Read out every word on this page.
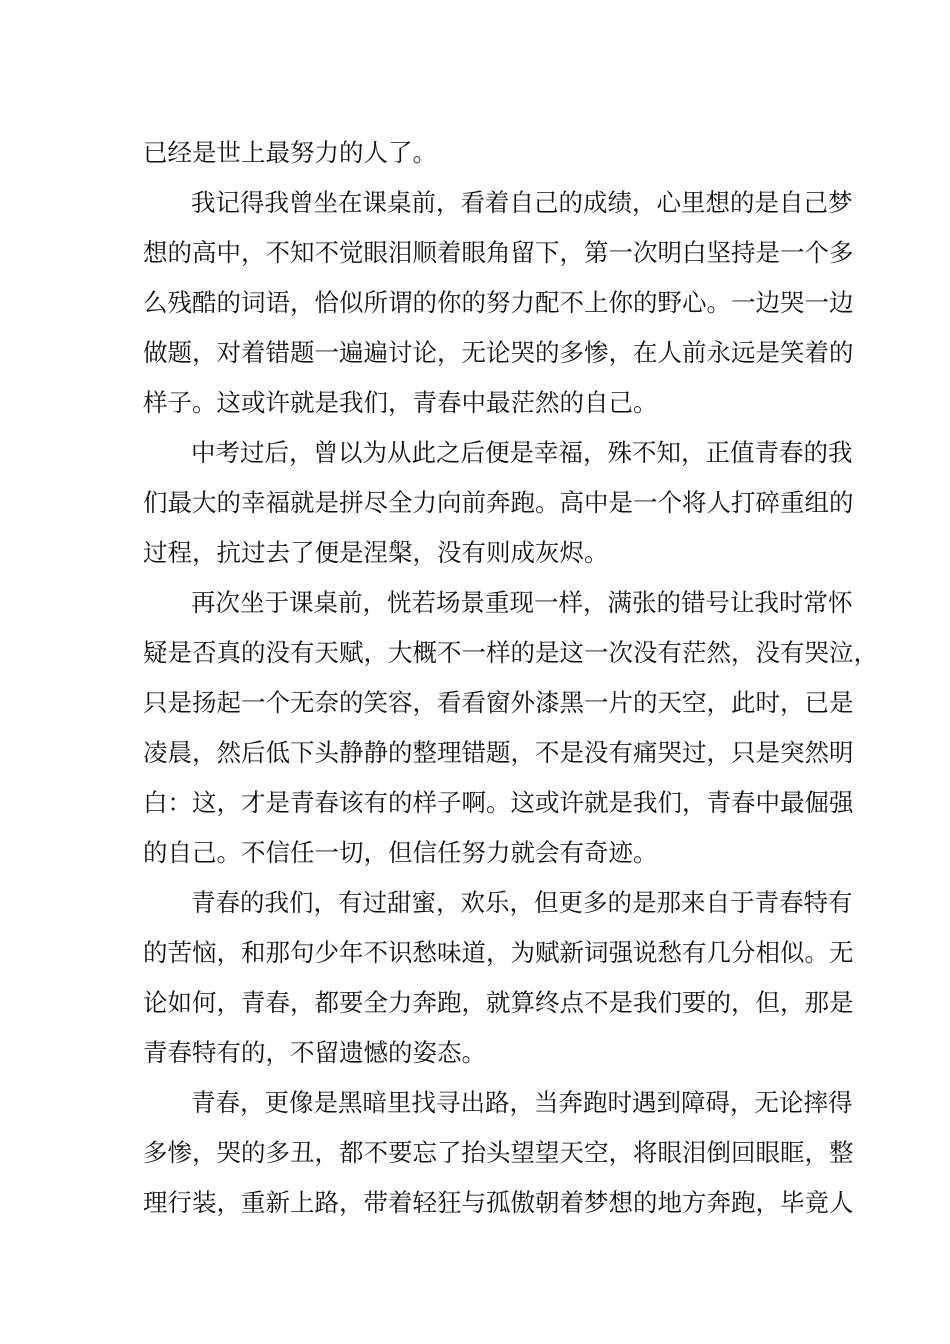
已经是世上最努力的人了。
我记得我曾坐在课桌前，看着自己的成绩，心里想的是自己梦
想的高中，不知不觉眼泪顺着眼角留下，第一次明白坚持是一个多
么残酷的词语，恰似所谓的你的努力配不上你的野心。一边哭一边
做题，对着错题一遍遍讨论，无论哭的多惨，在人前永远是笑着的
样子。这或许就是我们，青春中最茫然的自己。
中考过后，曾以为从此之后便是幸福，殊不知，正值青春的我
们最大的幸福就是拼尽全力向前奔跑。高中是一个将人打碎重组的
过程，抗过去了便是涅槃，没有则成灰烬。
再次坐于课桌前，恍若场景重现一样，满张的错号让我时常怀
疑是否真的没有天赋，大概不一样的是这一次没有茫然，没有哭泣，
只是扬起一个无奈的笑容，看看窗外漆黑一片的天空，此时，已是
凌晨，然后低下头静静的整理错题，不是没有痛哭过，只是突然明
白：这，才是青春该有的样子啊。这或许就是我们，青春中最倔强
的自己。不信任一切，但信任努力就会有奇迹。
青春的我们，有过甜蜜，欢乐，但更多的是那来自于青春特有
的苦恼，和那句少年不识愁味道，为赋新词强说愁有几分相似。无
论如何，青春，都要全力奔跑，就算终点不是我们要的，但，那是
青春特有的，不留遗憾的姿态。
青春，更像是黑暗里找寻出路，当奔跑时遇到障碍，无论摔得
多惨，哭的多丑，都不要忘了抬头望望天空，将眼泪倒回眼眶，整
理行装，重新上路，带着轻狂与孤傲朝着梦想的地方奔跑，毕竟人
